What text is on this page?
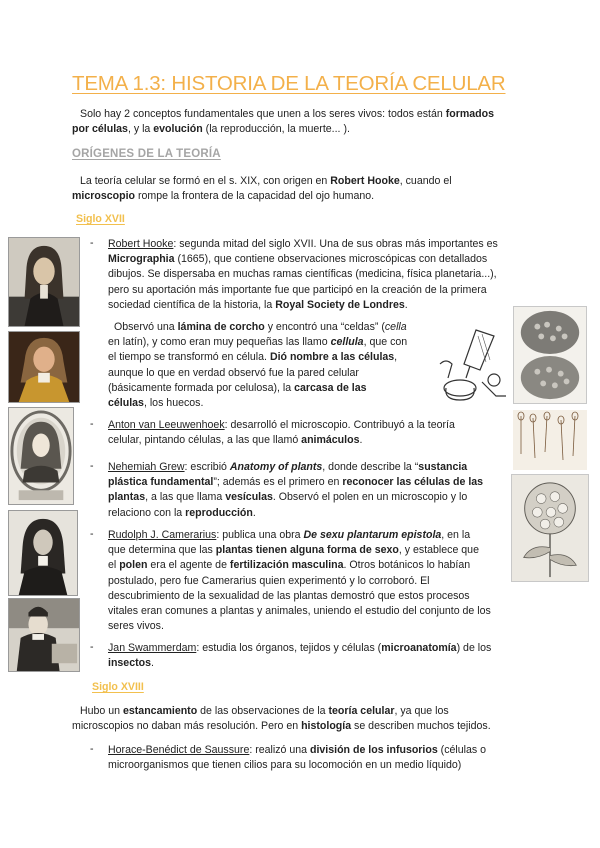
TEMA 1.3: HISTORIA DE LA TEORÍA CELULAR
Solo hay 2 conceptos fundamentales que unen a los seres vivos: todos están formados
por células, y la evolución (la reproducción, la muerte... ).
ORÍGENES DE LA TEORÍA
La teoría celular se formó en el s. XIX, con origen en Robert Hooke, cuando el
microscopio rompe la frontera de la capacidad del ojo humano.
Siglo XVII
- Robert Hooke: segunda mitad del siglo XVII. Una de sus obras más importantes es
Micrographia (1665), que contiene observaciones microscópicas con detallados
dibujos. Se dispersaba en muchas ramas científicas (medicina, física planetaria...),
pero su aportación más importante fue que participó en la creación de la primera
sociedad científica de la historia, la Royal Society de Londres.
Observó una lámina de corcho y encontró una “celdas” (cella
en latín), y como eran muy pequeñas las llamo cellula, que con
el tiempo se transformó en célula. Dió nombre a las células,
aunque lo que en verdad observó fue la pared celular
(básicamente formada por celulosa), la carcasa de las
células, los huecos.
- Anton van Leeuwenhoek: desarrolló el microscopio. Contribuyó a la teoría
celular, pintando células, a las que llamó animáculos.
- Nehemiah Grew: escribió Anatomy of plants, donde describe la “sustancia
plástica fundamental”; además es el primero en reconocer las células de las
plantas, a las que llama vesículas. Observó el polen en un microscopio y lo
relaciono con la reproducción.
- Rudolph J. Camerarius: publica una obra De sexu plantarum epistola, en la
que determina que las plantas tienen alguna forma de sexo, y establece que
el polen era el agente de fertilización masculina. Otros botánicos lo habían
postulado, pero fue Camerarius quien experimentó y lo corroboró. El
descubrimiento de la sexualidad de las plantas demostró que estos procesos
vitales eran comunes a plantas y animales, uniendo el estudio del conjunto de los
seres vivos.
- Jan Swammerdam: estudia los órganos, tejidos y células (microanatomía) de los
insectos.
Siglo XVIII
Hubo un estancamiento de las observaciones de la teoría celular, ya que los
microscopios no daban más resolución. Pero en histología se describen muchos tejidos.
- Horace-Benédict de Saussure: realizó una división de los infusorios (células o
microorganismos que tienen cilios para su locomoción en un medio líquido)
